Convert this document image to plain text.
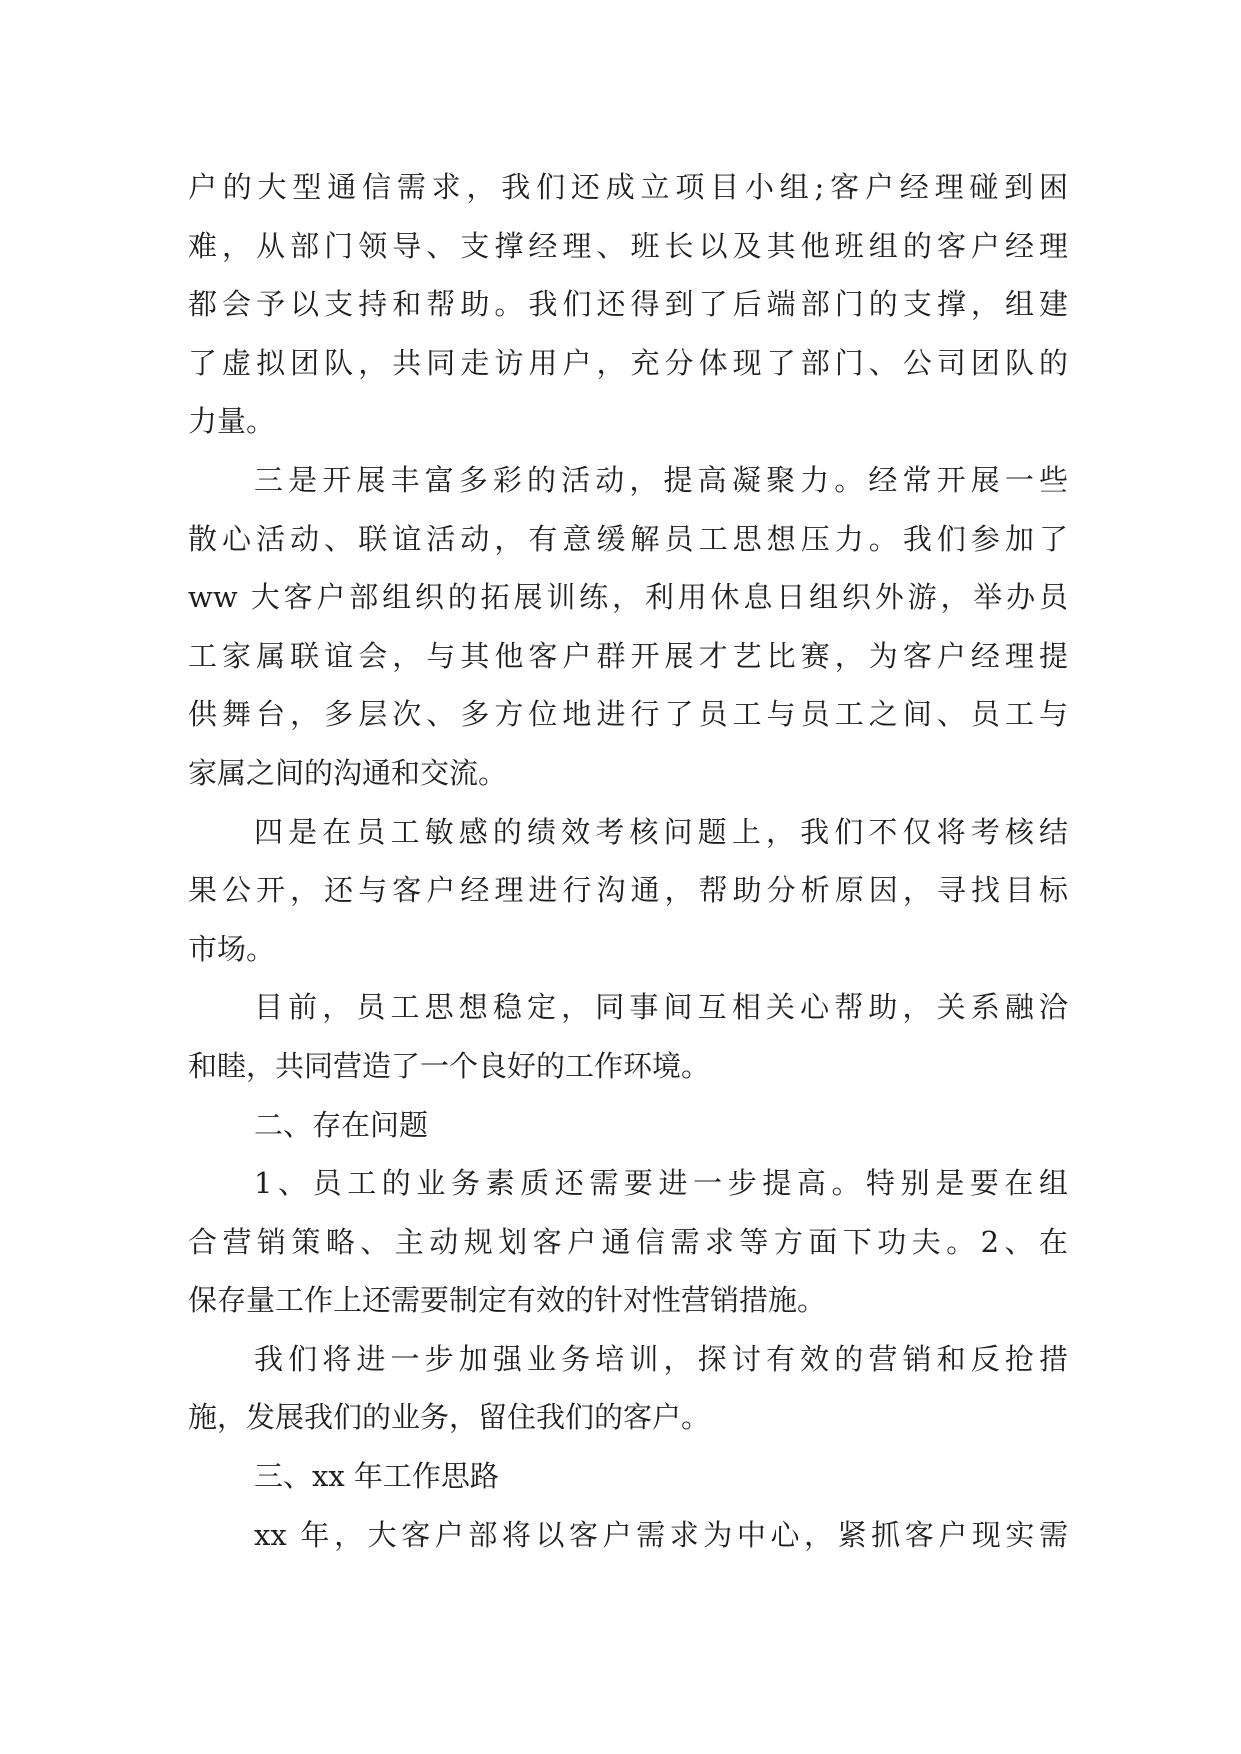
户的大型通信需求，我们还成立项目小组;客户经理碰到困
难，从部门领导、支撑经理、班长以及其他班组的客户经理
都会予以支持和帮助。我们还得到了后端部门的支撑，组建
了虚拟团队，共同走访用户，充分体现了部门、公司团队的
力量。
三是开展丰富多彩的活动，提高凝聚力。经常开展一些
散心活动、联谊活动，有意缓解员工思想压力。我们参加了
ww 大客户部组织的拓展训练，利用休息日组织外游，举办员
工家属联谊会，与其他客户群开展才艺比赛，为客户经理提
供舞台，多层次、多方位地进行了员工与员工之间、员工与
家属之间的沟通和交流。
四是在员工敏感的绩效考核问题上，我们不仅将考核结
果公开，还与客户经理进行沟通，帮助分析原因，寻找目标
市场。
目前，员工思想稳定，同事间互相关心帮助，关系融洽
和睦，共同营造了一个良好的工作环境。
二、存在问题
1、员工的业务素质还需要进一步提高。特别是要在组
合营销策略、主动规划客户通信需求等方面下功夫。2、在
保存量工作上还需要制定有效的针对性营销措施。
我们将进一步加强业务培训，探讨有效的营销和反抢措
施，发展我们的业务，留住我们的客户。
三、xx 年工作思路
xx 年，大客户部将以客户需求为中心，紧抓客户现实需
